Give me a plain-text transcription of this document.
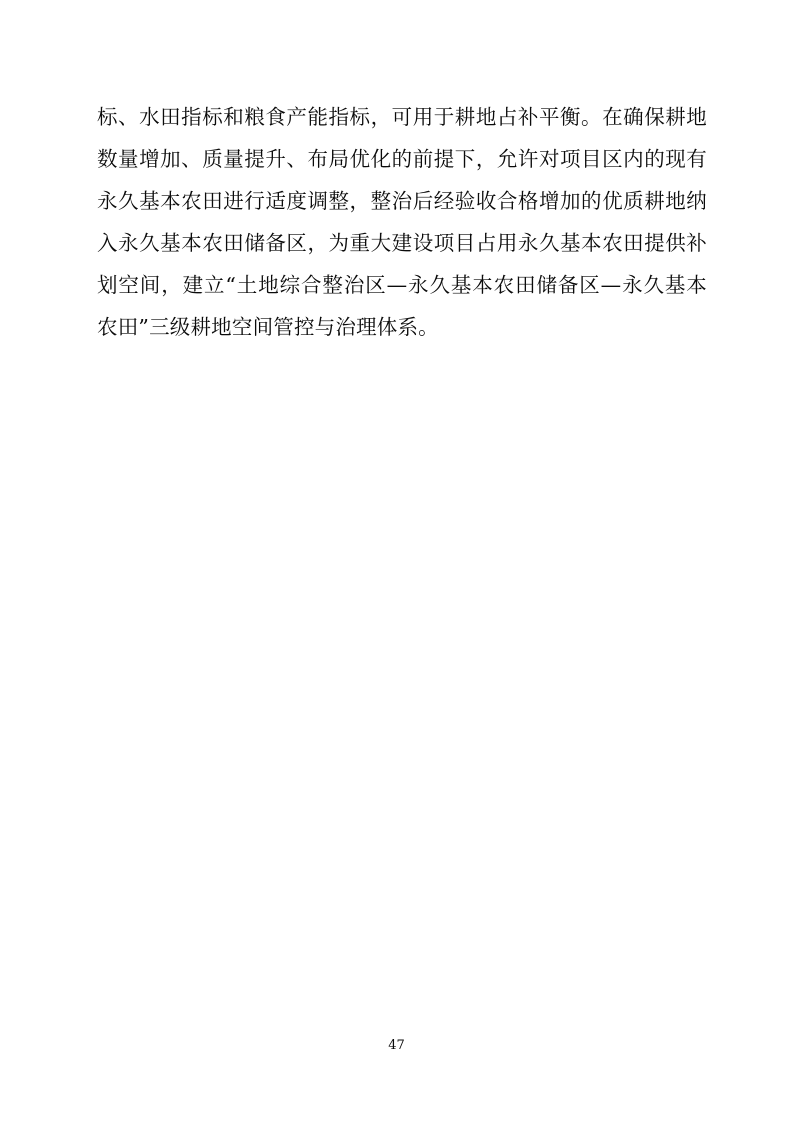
标、水田指标和粮食产能指标，可用于耕地占补平衡。在确保耕地数量增加、质量提升、布局优化的前提下，允许对项目区内的现有永久基本农田进行适度调整，整治后经验收合格增加的优质耕地纳入永久基本农田储备区，为重大建设项目占用永久基本农田提供补划空间，建立“土地综合整治区—永久基本农田储备区—永久基本农田”三级耕地空间管控与治理体系。

47
